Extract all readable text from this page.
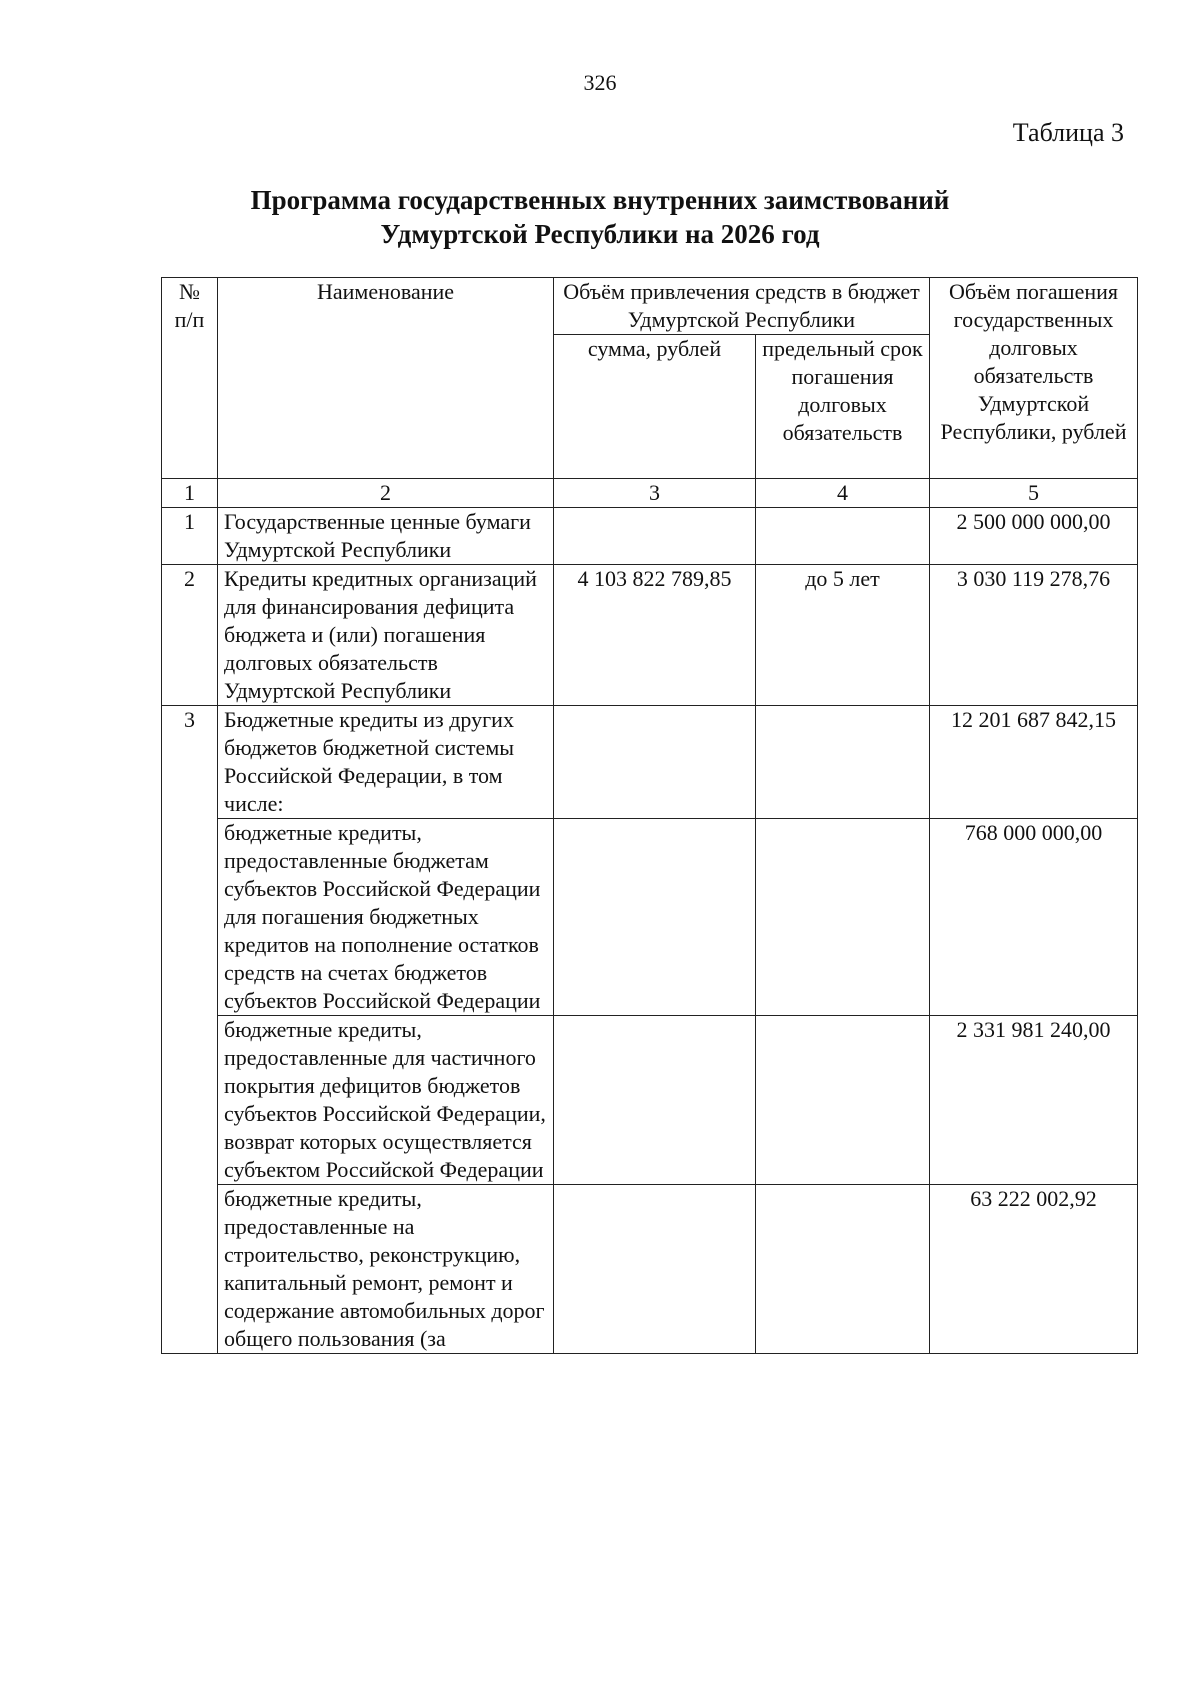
326
Таблица 3
Программа государственных внутренних заимствований
Удмуртской Республики на 2026 год
№ п/п	Наименование	Объём привлечения средств в бюджет Удмуртской Республики		Объём погашения государственных долговых обязательств Удмуртской Республики, рублей
		сумма, рублей	предельный срок погашения долговых обязательств	
1	2	3	4	5
1	Государственные ценные бумаги Удмуртской Республики			2 500 000 000,00
2	Кредиты кредитных организаций для финансирования дефицита бюджета и (или) погашения долговых обязательств Удмуртской Республики	4 103 822 789,85	до 5 лет	3 030 119 278,76
3	Бюджетные кредиты из других бюджетов бюджетной системы Российской Федерации, в том числе:			12 201 687 842,15
	бюджетные кредиты, предоставленные бюджетам субъектов Российской Федерации для погашения бюджетных кредитов на пополнение остатков средств на счетах бюджетов субъектов Российской Федерации			768 000 000,00
	бюджетные кредиты, предоставленные для частичного покрытия дефицитов бюджетов субъектов Российской Федерации, возврат которых осуществляется субъектом Российской Федерации			2 331 981 240,00
	бюджетные кредиты, предоставленные на строительство, реконструкцию, капитальный ремонт, ремонт и содержание автомобильных дорог общего пользования (за			63 222 002,92
